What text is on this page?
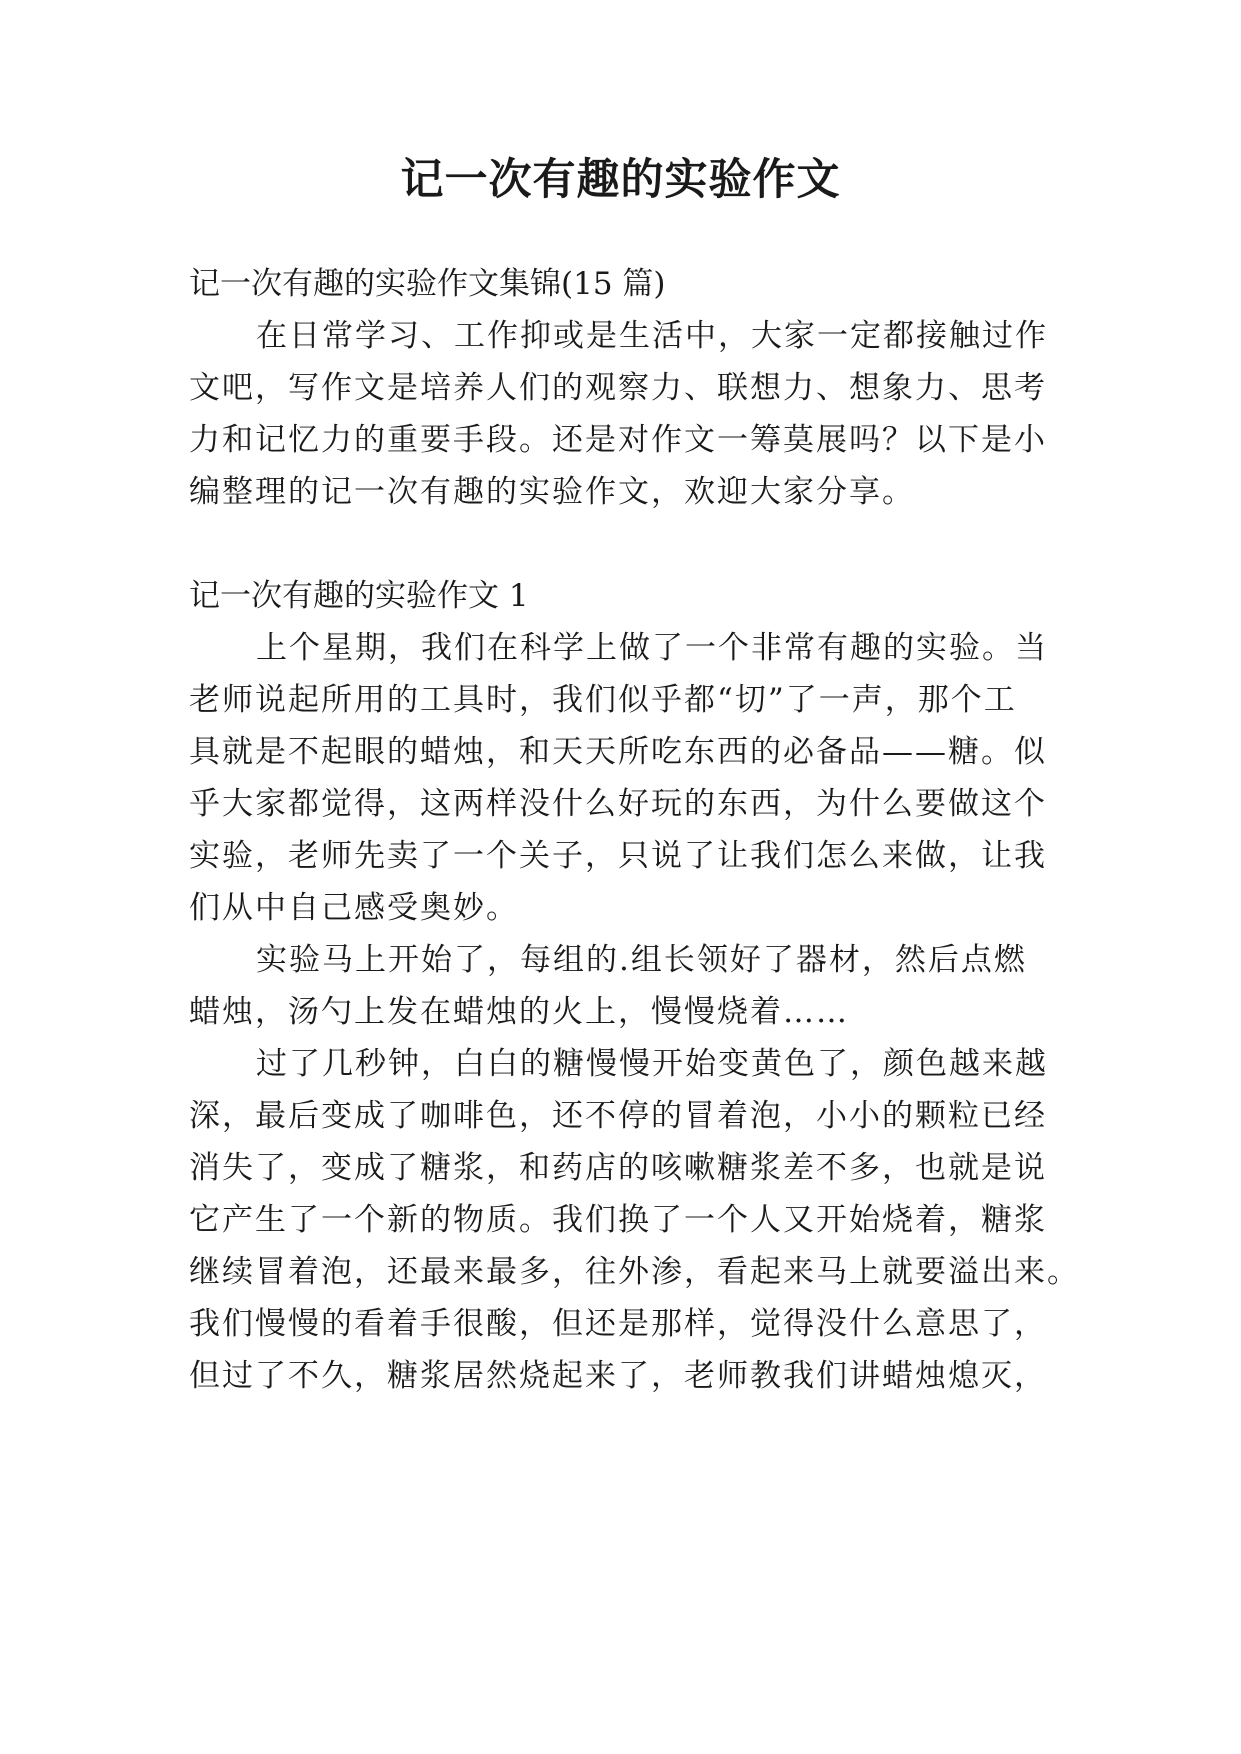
记一次有趣的实验作文
记一次有趣的实验作文集锦(15 篇)
在日常学习、工作抑或是生活中，大家一定都接触过作
文吧，写作文是培养人们的观察力、联想力、想象力、思考
力和记忆力的重要手段。还是对作文一筹莫展吗？以下是小
编整理的记一次有趣的实验作文，欢迎大家分享。
记一次有趣的实验作文 1
上个星期，我们在科学上做了一个非常有趣的实验。当
老师说起所用的工具时，我们似乎都“切”了一声，那个工
具就是不起眼的蜡烛，和天天所吃东西的必备品——糖。似
乎大家都觉得，这两样没什么好玩的东西，为什么要做这个
实验，老师先卖了一个关子，只说了让我们怎么来做，让我
们从中自己感受奥妙。
实验马上开始了，每组的.组长领好了器材，然后点燃
蜡烛，汤勺上发在蜡烛的火上，慢慢烧着……
过了几秒钟，白白的糖慢慢开始变黄色了，颜色越来越
深，最后变成了咖啡色，还不停的冒着泡，小小的颗粒已经
消失了，变成了糖浆，和药店的咳嗽糖浆差不多，也就是说
它产生了一个新的物质。我们换了一个人又开始烧着，糖浆
继续冒着泡，还最来最多，往外渗，看起来马上就要溢出来。
我们慢慢的看着手很酸，但还是那样，觉得没什么意思了，
但过了不久，糖浆居然烧起来了，老师教我们讲蜡烛熄灭，
